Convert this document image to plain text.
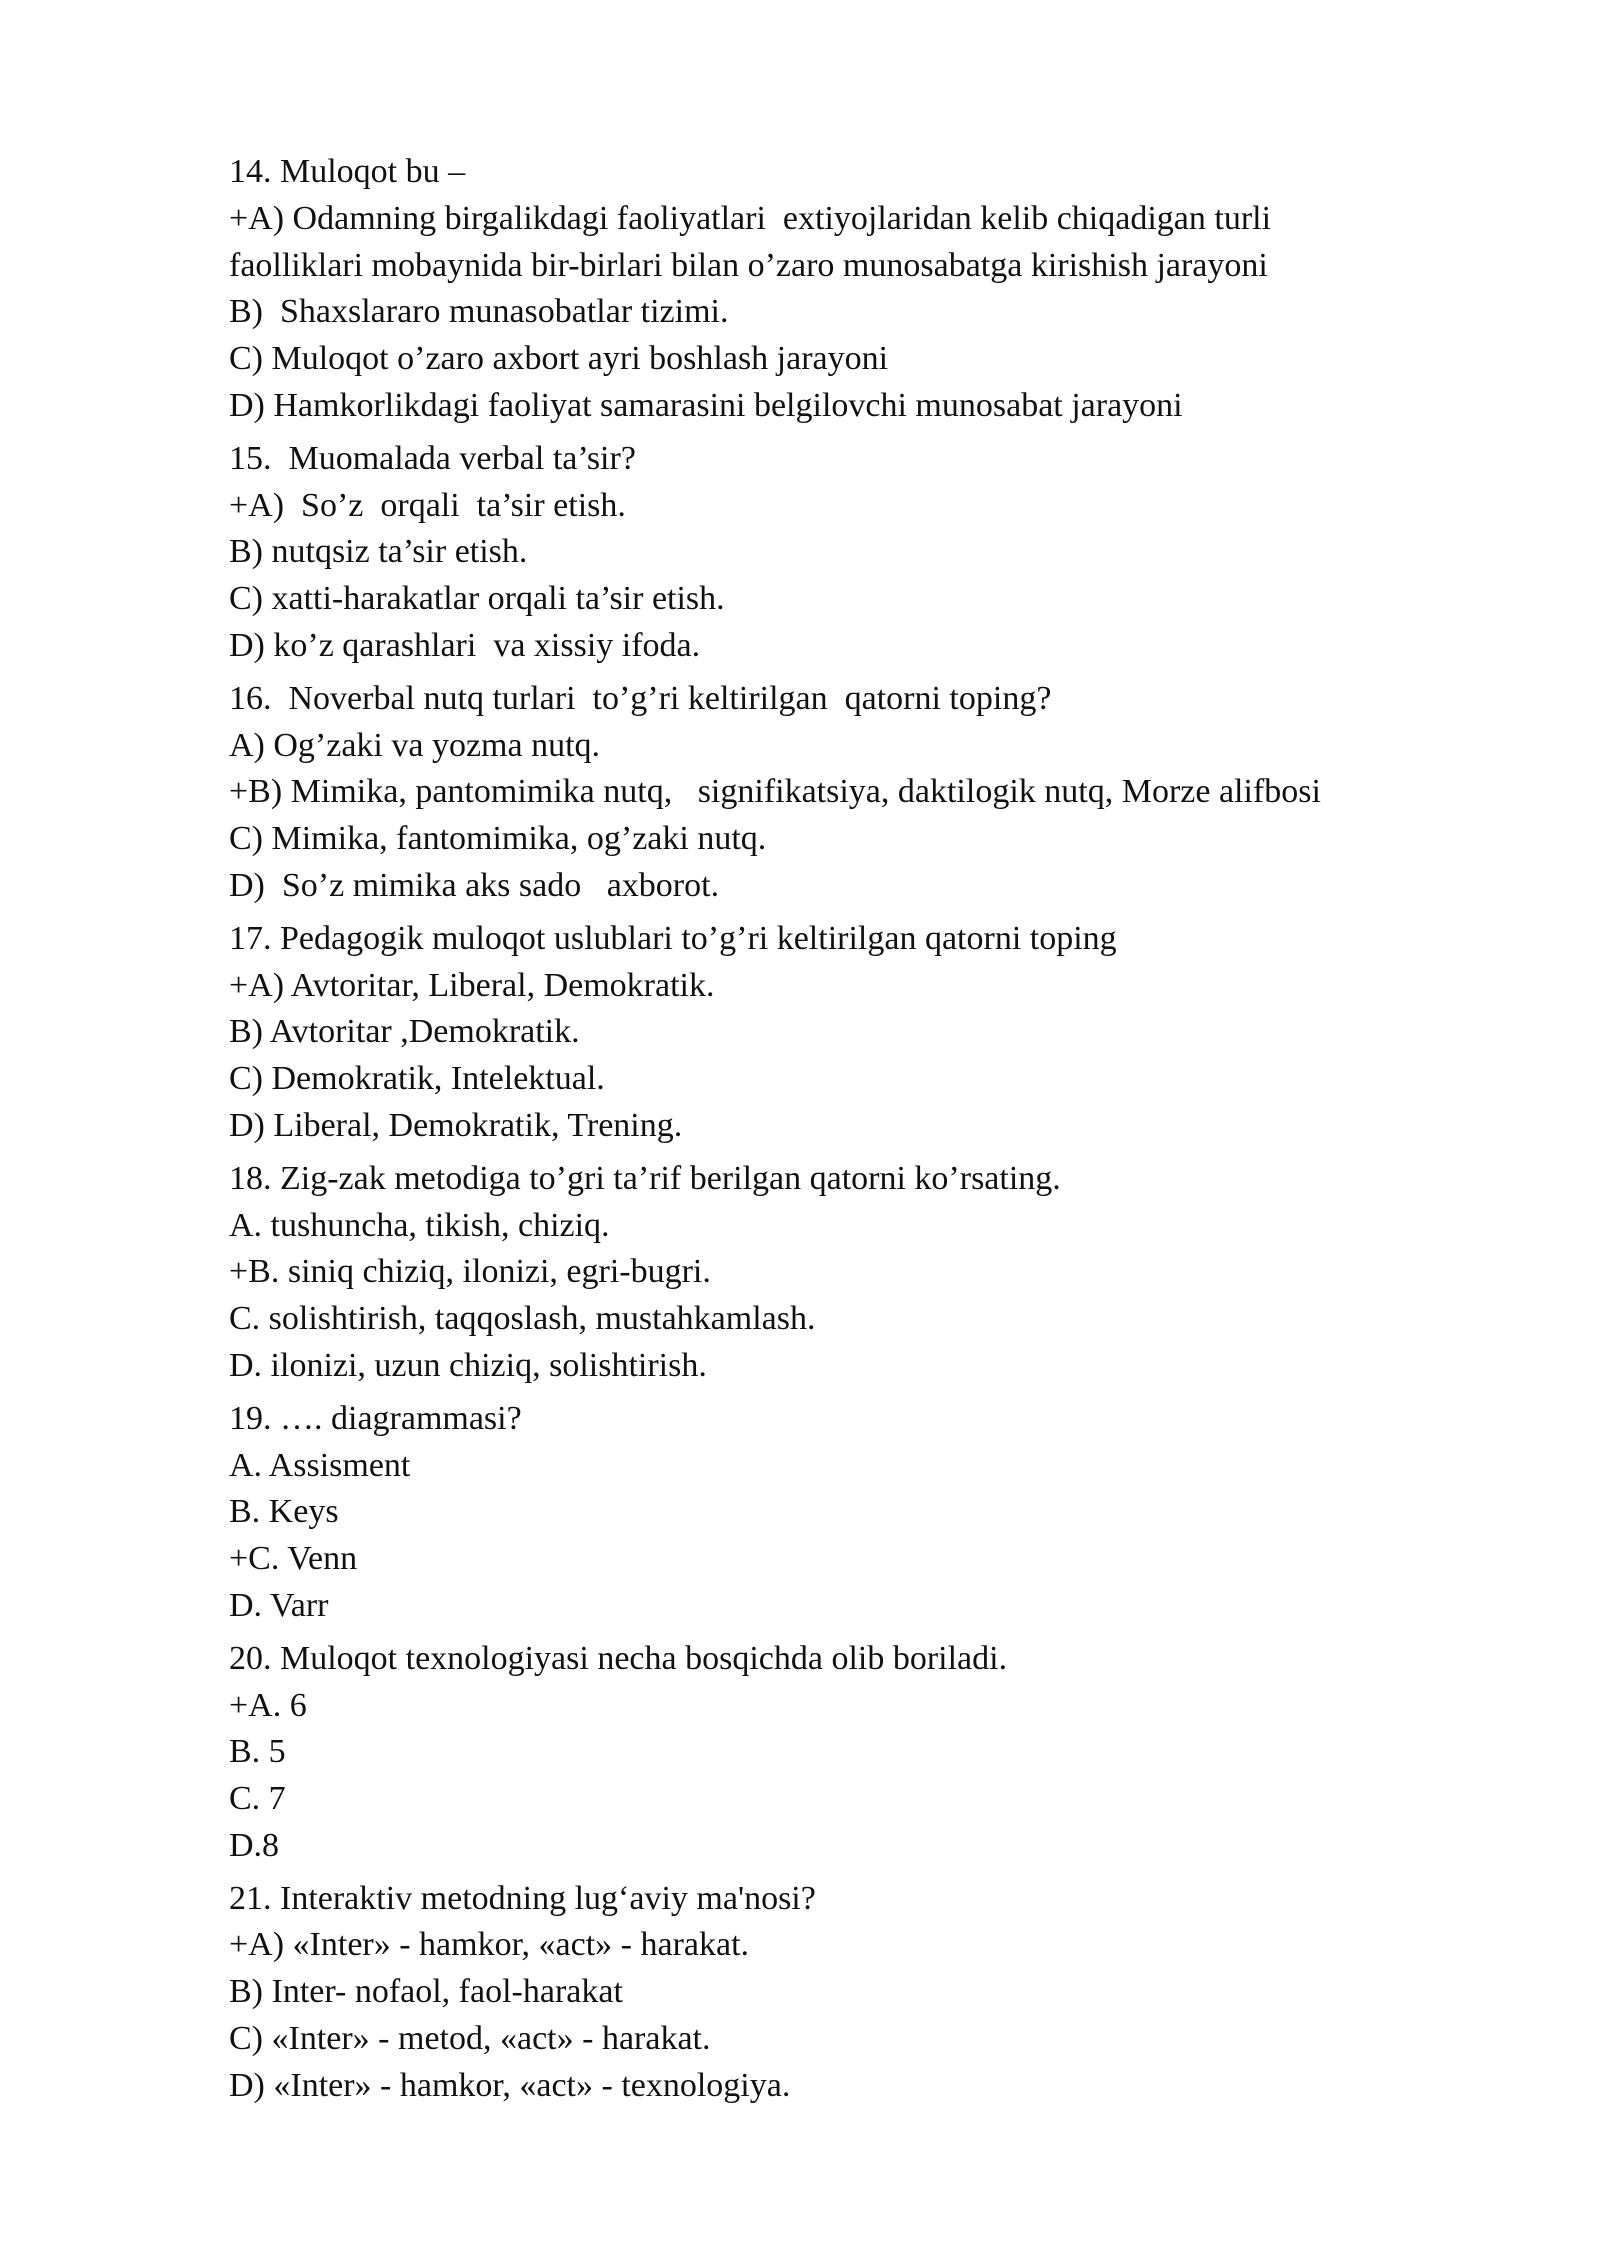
14. Muloqot bu –
+A) Odamning birgalikdagi faoliyatlari  extiyojlaridan kelib chiqadigan turli
faolliklari mobaynida bir-birlari bilan o’zaro munosabatga kirishish jarayoni
B)  Shaxslararo munasobatlar tizimi.
C) Muloqot o’zaro axbort ayri boshlash jarayoni
D) Hamkorlikdagi faoliyat samarasini belgilovchi munosabat jarayoni
15.  Muomalada verbal ta’sir?
+A)  So’z  orqali  ta’sir etish.
B) nutqsiz ta’sir etish.
C) xatti-harakatlar orqali ta’sir etish.
D) ko’z qarashlari  va xissiy ifoda.
16.  Noverbal nutq turlari  to’g’ri keltirilgan  qatorni toping?
A) Og’zaki va yozma nutq.
+B) Mimika, pantomimika nutq,   signifikatsiya, daktilogik nutq, Morze alifbosi
C) Mimika, fantomimika, og’zaki nutq.
D)  So’z mimika aks sado   axborot.
17. Pedagogik muloqot uslublari to’g’ri keltirilgan qatorni toping
+A) Avtoritar, Liberal, Demokratik.
B) Avtoritar ,Demokratik.
C) Demokratik, Intelektual.
D) Liberal, Demokratik, Trening.
18. Zig-zak metodiga to’gri ta’rif berilgan qatorni ko’rsating.
A. tushuncha, tikish, chiziq.
+B. siniq chiziq, ilonizi, egri-bugri.
C. solishtirish, taqqoslash, mustahkamlash.
D. ilonizi, uzun chiziq, solishtirish.
19. …. diagrammasi?
A. Assisment
B. Keys
+C. Venn
D. Varr
20. Muloqot texnologiyasi necha bosqichda olib boriladi.
+A. 6
B. 5
C. 7
D.8
21. Interaktiv metodning lug‘aviy ma'nosi?
+A) «Inter» - hamkor, «act» - harakat.
B) Inter- nofaol, faol-harakat
C) «Inter» - metod, «act» - harakat.
D) «Inter» - hamkor, «act» - texnologiya.
